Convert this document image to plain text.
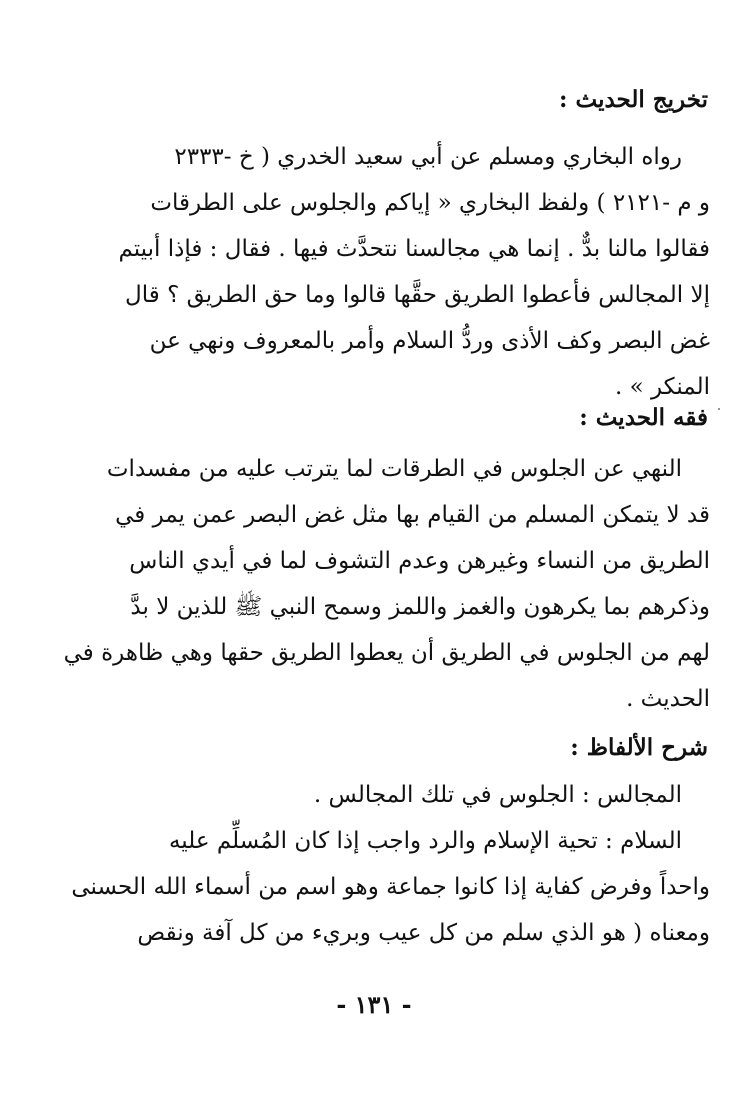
تخريج الحديث :
رواه البخاري ومسلم عن أبي سعيد الخدري ( خ -٢٣٣٣
و م -٢١٢١ ) ولفظ البخاري « إياكم والجلوس على الطرقات
فقالوا مالنا بدٌّ . إنما هي مجالسنا نتحدَّث فيها . فقال : فإذا أبيتم
إلا المجالس فأعطوا الطريق حقَّها قالوا وما حق الطريق ؟ قال
غض البصر وكف الأذى وردُّ السلام وأمر بالمعروف ونهي عن
المنكر » .
فقه الحديث :
النهي عن الجلوس في الطرقات لما يترتب عليه من مفسدات
قد لا يتمكن المسلم من القيام بها مثل غض البصر عمن يمر في
الطريق من النساء وغيرهن وعدم التشوف لما في أيدي الناس
وذكرهم بما يكرهون والغمز واللمز وسمح النبي ﷺ للذين لا بدَّ
لهم من الجلوس في الطريق أن يعطوا الطريق حقها وهي ظاهرة في
الحديث .
شرح الألفاظ :
المجالس : الجلوس في تلك المجالس .
السلام : تحية الإسلام والرد واجب إذا كان المُسلِّم عليه
واحداً وفرض كفاية إذا كانوا جماعة وهو اسم من أسماء الله الحسنى
ومعناه ( هو الذي سلم من كل عيب وبريء من كل آفة ونقص
- ١٣١ -
